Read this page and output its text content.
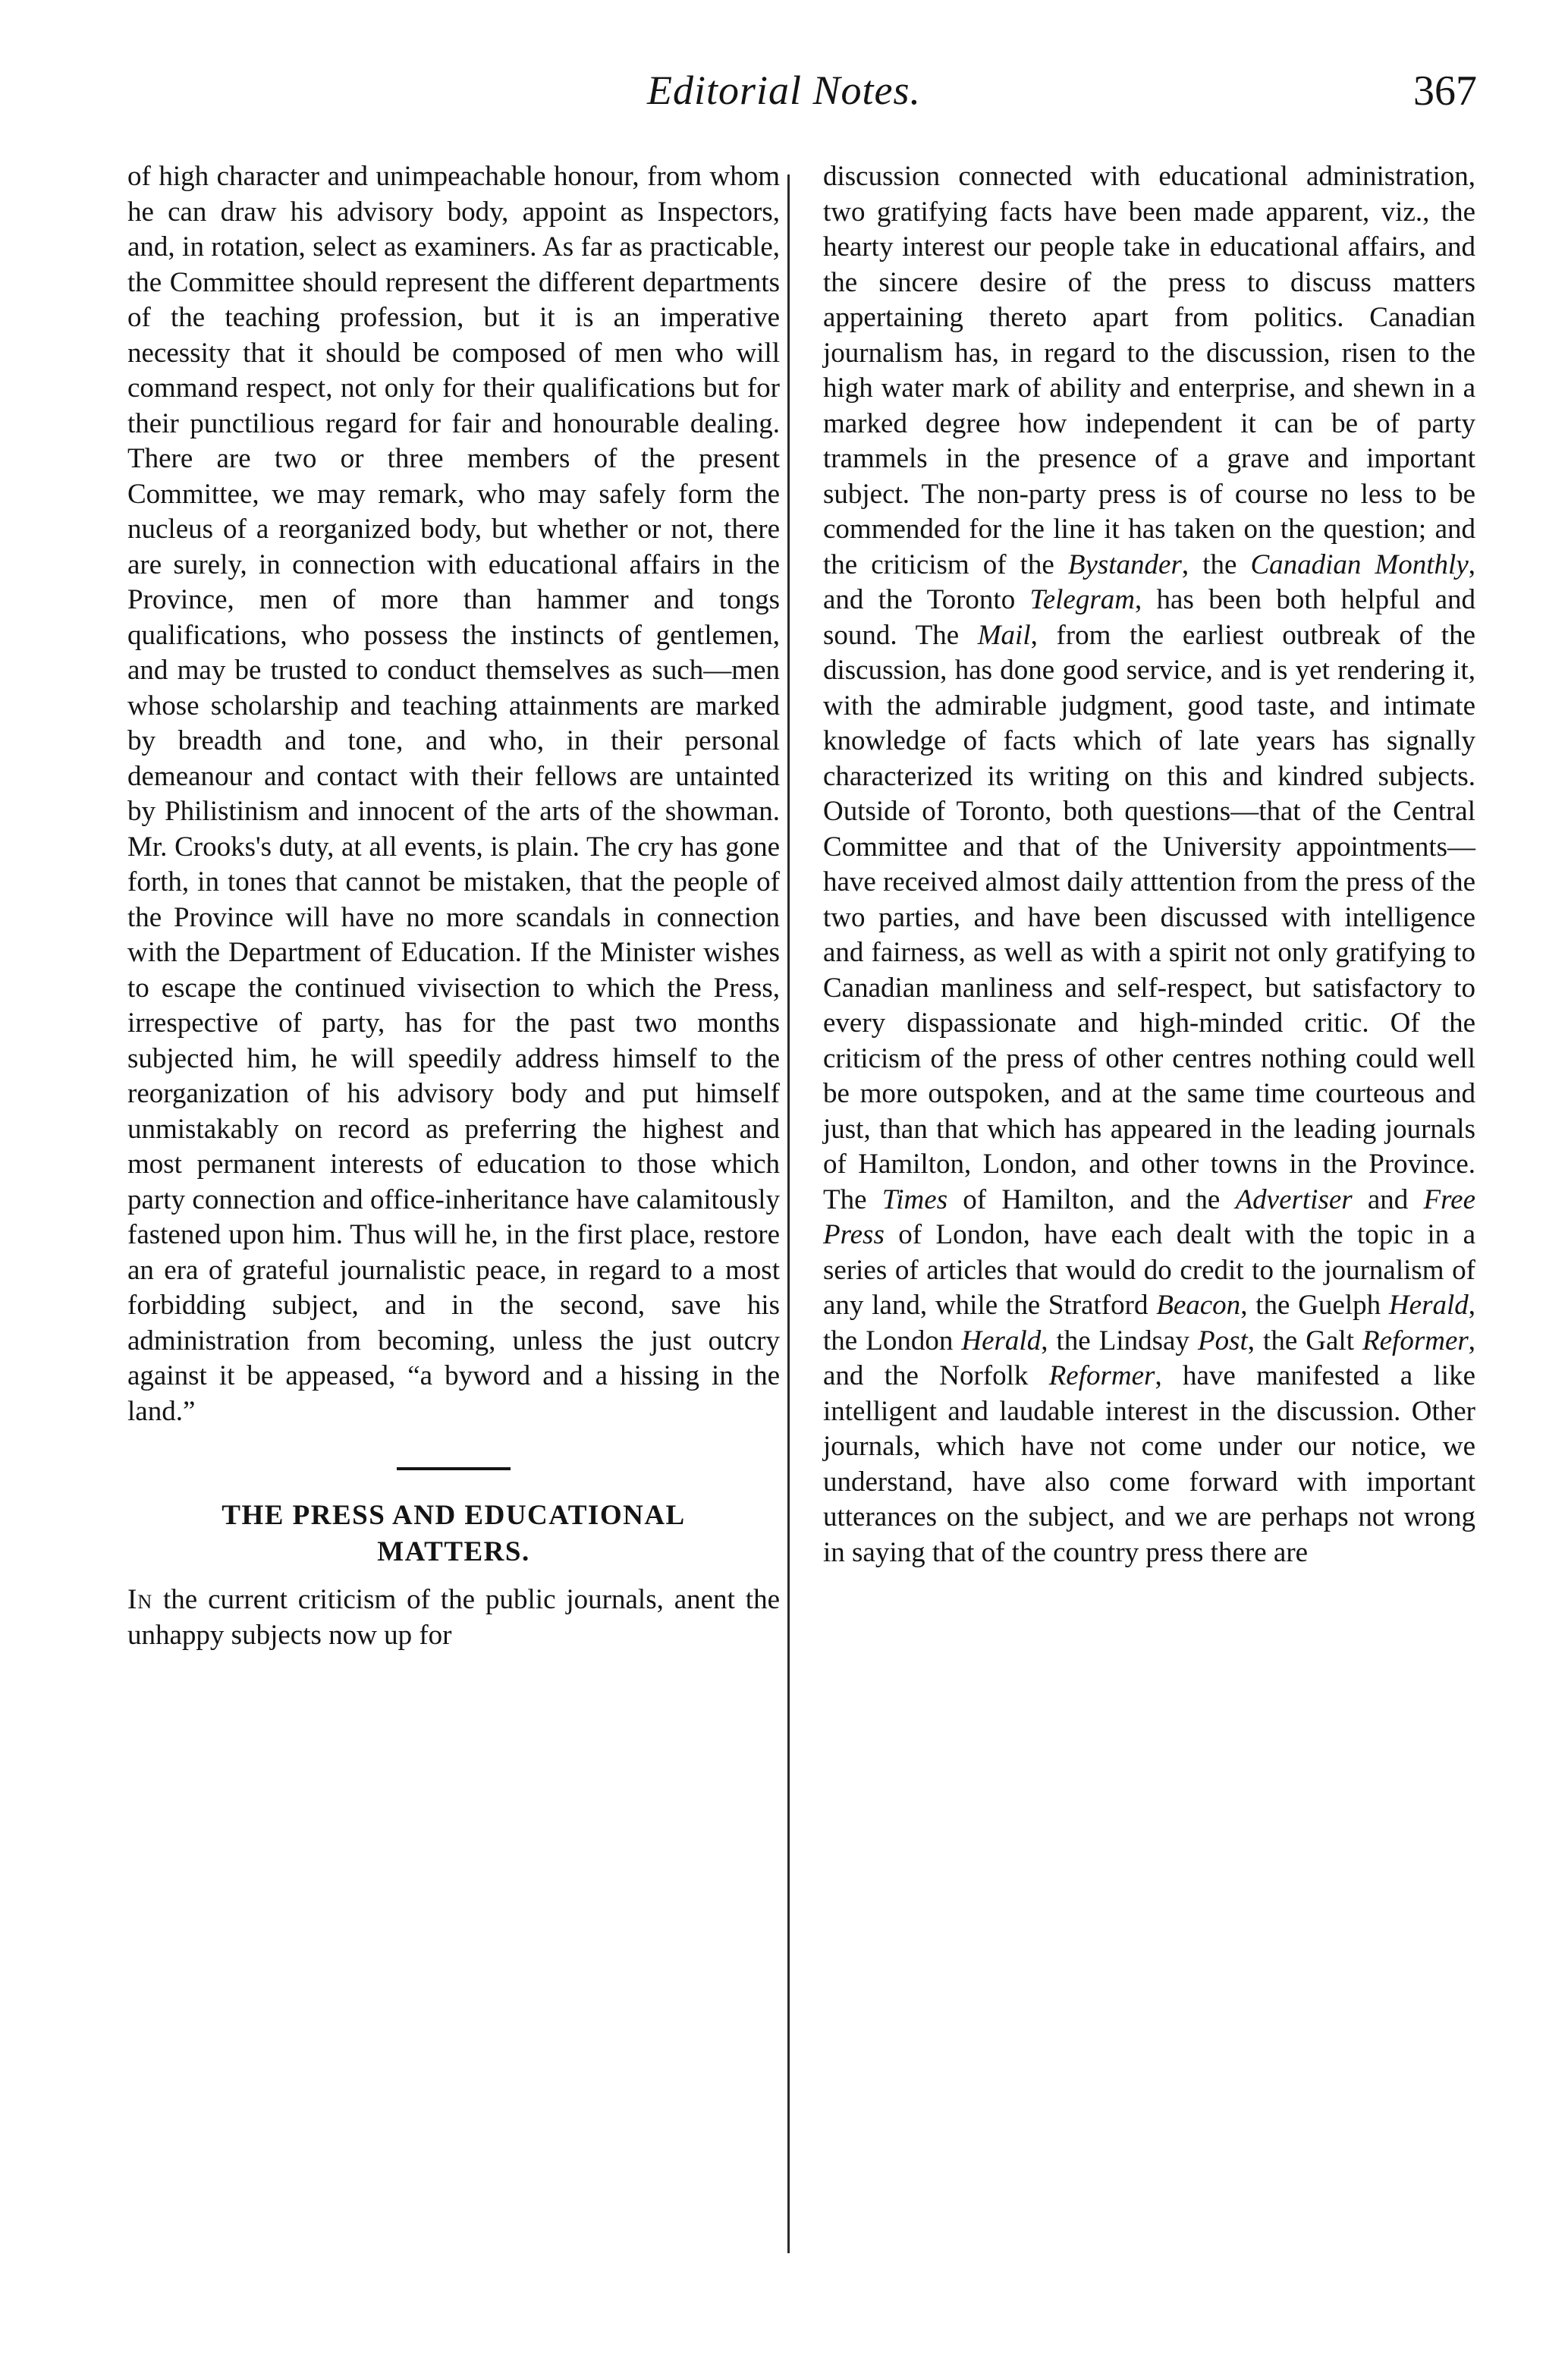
Editorial Notes.	367

of high character and unimpeachable honour, from whom he can draw his advisory body, appoint as Inspectors, and, in rotation, select as examiners. As far as practicable, the Committee should represent the different departments of the teaching profession, but it is an imperative necessity that it should be composed of men who will command respect, not only for their qualifications but for their punctilious regard for fair and honourable dealing. There are two or three members of the present Committee, we may remark, who may safely form the nucleus of a reorganized body, but whether or not, there are surely, in connection with educational affairs in the Province, men of more than hammer and tongs qualifications, who possess the instincts of gentlemen, and may be trusted to conduct themselves as such—men whose scholarship and teaching attainments are marked by breadth and tone, and who, in their personal demeanour and contact with their fellows are untainted by Philistinism and innocent of the arts of the showman. Mr. Crooks's duty, at all events, is plain. The cry has gone forth, in tones that cannot be mistaken, that the people of the Province will have no more scandals in connection with the Department of Education. If the Minister wishes to escape the continued vivisection to which the Press, irrespective of party, has for the past two months subjected him, he will speedily address himself to the reorganization of his advisory body and put himself unmistakably on record as preferring the highest and most permanent interests of education to those which party connection and office-inheritance have calamitously fastened upon him. Thus will he, in the first place, restore an era of grateful journalistic peace, in regard to a most forbidding subject, and in the second, save his administration from becoming, unless the just outcry against it be appeased, “a byword and a hissing in the land.”

THE PRESS AND EDUCATIONAL
MATTERS.

In the current criticism of the public journals, anent the unhappy subjects now up for

discussion connected with educational administration, two gratifying facts have been made apparent, viz., the hearty interest our people take in educational affairs, and the sincere desire of the press to discuss matters appertaining thereto apart from politics. Canadian journalism has, in regard to the discussion, risen to the high water mark of ability and enterprise, and shewn in a marked degree how independent it can be of party trammels in the presence of a grave and important subject. The non-party press is of course no less to be commended for the line it has taken on the question; and the criticism of the Bystander, the Canadian Monthly, and the Toronto Telegram, has been both helpful and sound. The Mail, from the earliest outbreak of the discussion, has done good service, and is yet rendering it, with the admirable judgment, good taste, and intimate knowledge of facts which of late years has signally characterized its writing on this and kindred subjects. Outside of Toronto, both questions—that of the Central Committee and that of the University appointments—have received almost daily atttention from the press of the two parties, and have been discussed with intelligence and fairness, as well as with a spirit not only gratifying to Canadian manliness and self-respect, but satisfactory to every dispassionate and high-minded critic. Of the criticism of the press of other centres nothing could well be more outspoken, and at the same time courteous and just, than that which has appeared in the leading journals of Hamilton, London, and other towns in the Province. The Times of Hamilton, and the Advertiser and Free Press of London, have each dealt with the topic in a series of articles that would do credit to the journalism of any land, while the Stratford Beacon, the Guelph Herald, the London Herald, the Lindsay Post, the Galt Reformer, and the Norfolk Reformer, have manifested a like intelligent and laudable interest in the discussion. Other journals, which have not come under our notice, we understand, have also come forward with important utterances on the subject, and we are perhaps not wrong in saying that of the country press there are
